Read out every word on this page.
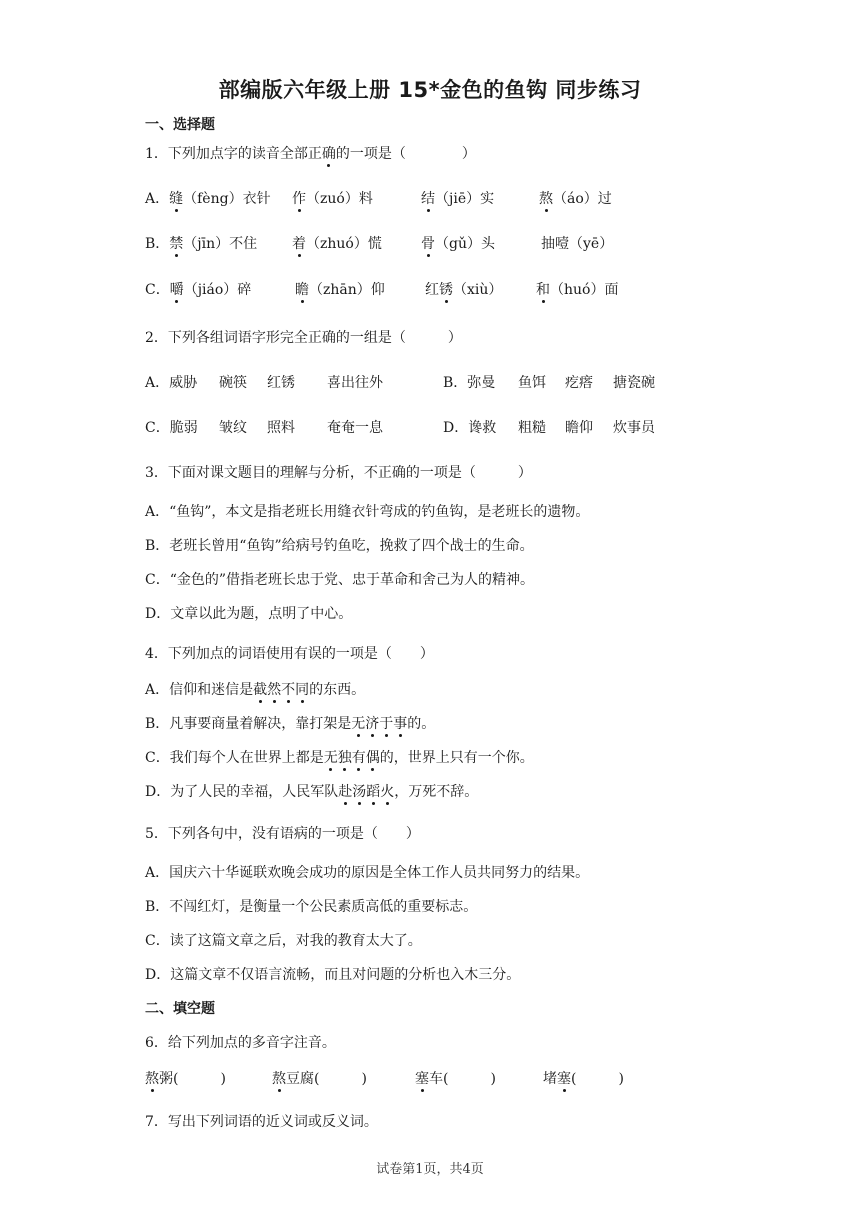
部编版六年级上册 15*金色的鱼钩 同步练习
一、选择题
1．下列加点字的读音全部正确的一项是（　　　　）
A．缝（fèng）衣针 作（zuó）料	结（jiē）实	熬（áo）过
B．禁（jīn）不住 着（zhuó）慌	骨（gǔ）头	抽噎（yē）
C．嚼（jiáo）碎	瞻（zhān）仰	红锈（xiù） 和（huó）面
2．下列各组词语字形完全正确的一组是（　　　）
A．威胁 碗筷 红锈 喜出往外	B．弥曼 鱼饵 疙瘩 搪瓷碗
C．脆弱 皱纹 照料 奄奄一息	D．谗救 粗糙 瞻仰 炊事员
3．下面对课文题目的理解与分析，不正确的一项是（　　　）
A．“鱼钩”，本文是指老班长用缝衣针弯成的钓鱼钩，是老班长的遗物。
B．老班长曾用“鱼钩”给病号钓鱼吃，挽救了四个战士的生命。
C．“金色的”借指老班长忠于党、忠于革命和舍己为人的精神。
D．文章以此为题，点明了中心。
4．下列加点的词语使用有误的一项是（　　）
A．信仰和迷信是截然不同的东西。
B．凡事要商量着解决，靠打架是无济于事的。
C．我们每个人在世界上都是无独有偶的，世界上只有一个你。
D．为了人民的幸福，人民军队赴汤蹈火，万死不辞。
5．下列各句中，没有语病的一项是（　　）
A．国庆六十华诞联欢晚会成功的原因是全体工作人员共同努力的结果。
B．不闯红灯，是衡量一个公民素质高低的重要标志。
C．读了这篇文章之后，对我的教育太大了。
D．这篇文章不仅语言流畅，而且对问题的分析也入木三分。
二、填空题
6．给下列加点的多音字注音。
熬粥(　　　)	熬豆腐(　　　)	塞车(　　　)	堵塞(　　　)
7．写出下列词语的近义词或反义词。
试卷第1页，共4页
